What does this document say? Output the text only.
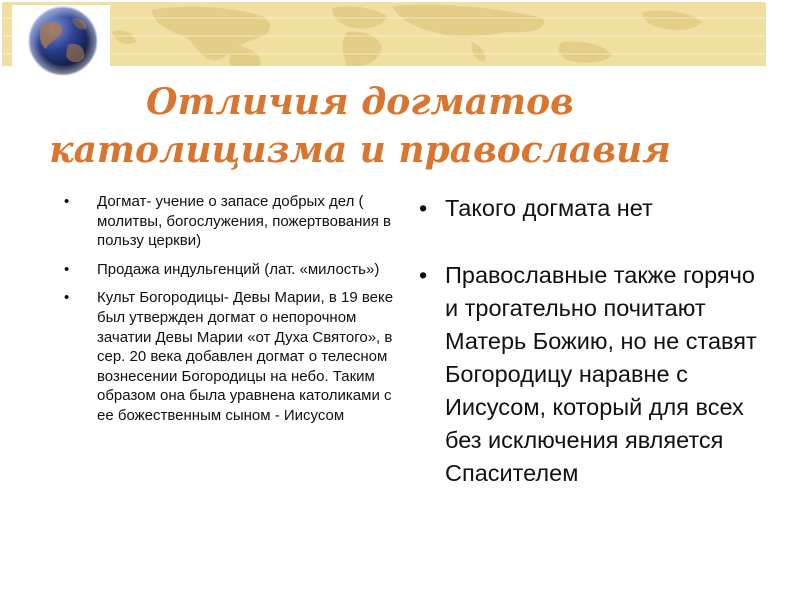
Отличия догматов
католицизма и православия
• Догмат- учение о запасе добрых дел ( молитвы, богослужения, пожертвования в пользу церкви)
• Продажа индульгенций (лат. «милость»)
• Культ Богородицы- Девы Марии, в 19 веке был утвержден догмат о непорочном зачатии Девы Марии «от Духа Святого», в сер. 20 века добавлен догмат о телесном вознесении Богородицы на небо. Таким образом она была уравнена католиками с ее божественным сыном - Иисусом
• Такого догмата нет
• Православные также горячо и трогательно почитают Матерь Божию, но не ставят Богородицу наравне с Иисусом, который для всех без исключения является Спасителем
